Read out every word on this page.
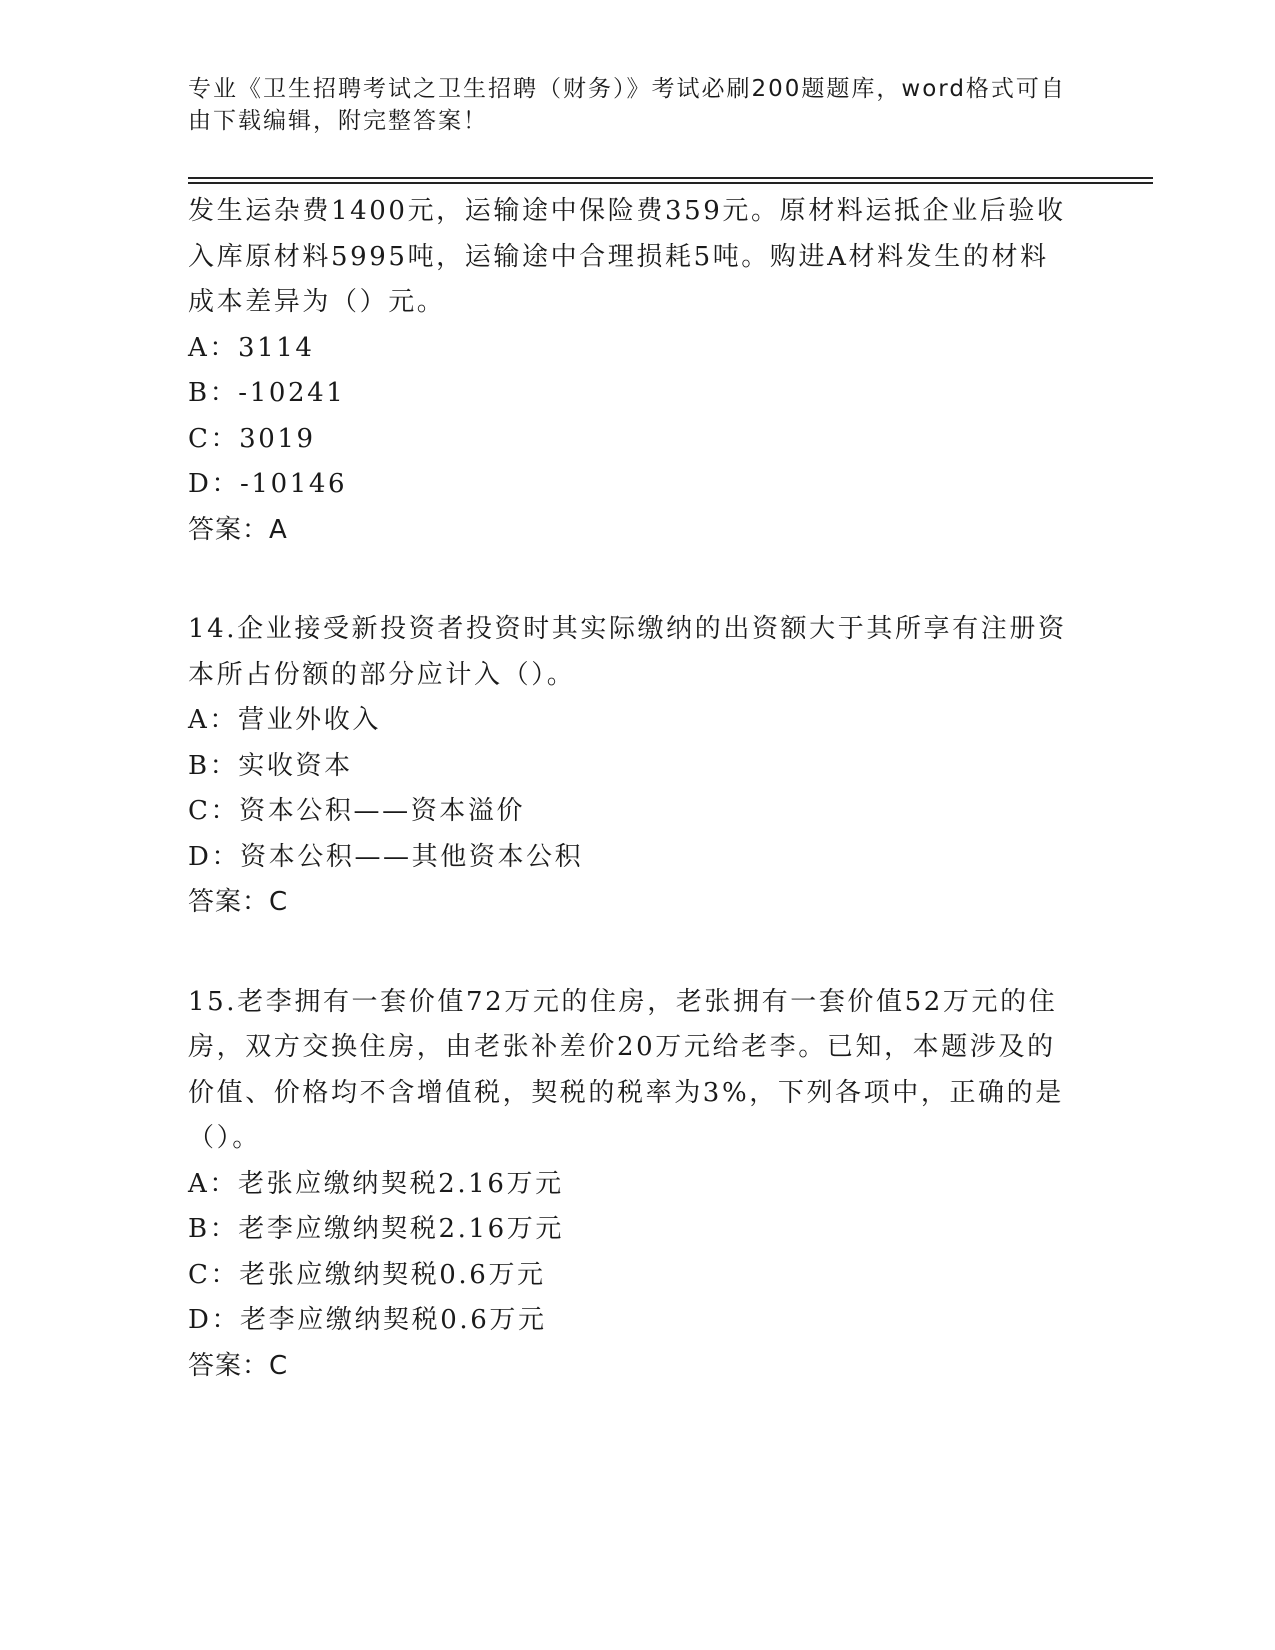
专业《卫生招聘考试之卫生招聘（财务）》考试必刷200题题库，word格式可自
由下载编辑，附完整答案！
发生运杂费1400元，运输途中保险费359元。原材料运抵企业后验收
入库原材料5995吨，运输途中合理损耗5吨。购进A材料发生的材料
成本差异为（）元。
A：3114
B：-10241
C：3019
D：-10146
答案：A
14.企业接受新投资者投资时其实际缴纳的出资额大于其所享有注册资
本所占份额的部分应计入（）。
A：营业外收入
B：实收资本
C：资本公积——资本溢价
D：资本公积——其他资本公积
答案：C
15.老李拥有一套价值72万元的住房，老张拥有一套价值52万元的住
房，双方交换住房，由老张补差价20万元给老李。已知，本题涉及的
价值、价格均不含增值税，契税的税率为3%，下列各项中，正确的是
（）。
A：老张应缴纳契税2.16万元
B：老李应缴纳契税2.16万元
C：老张应缴纳契税0.6万元
D：老李应缴纳契税0.6万元
答案：C
